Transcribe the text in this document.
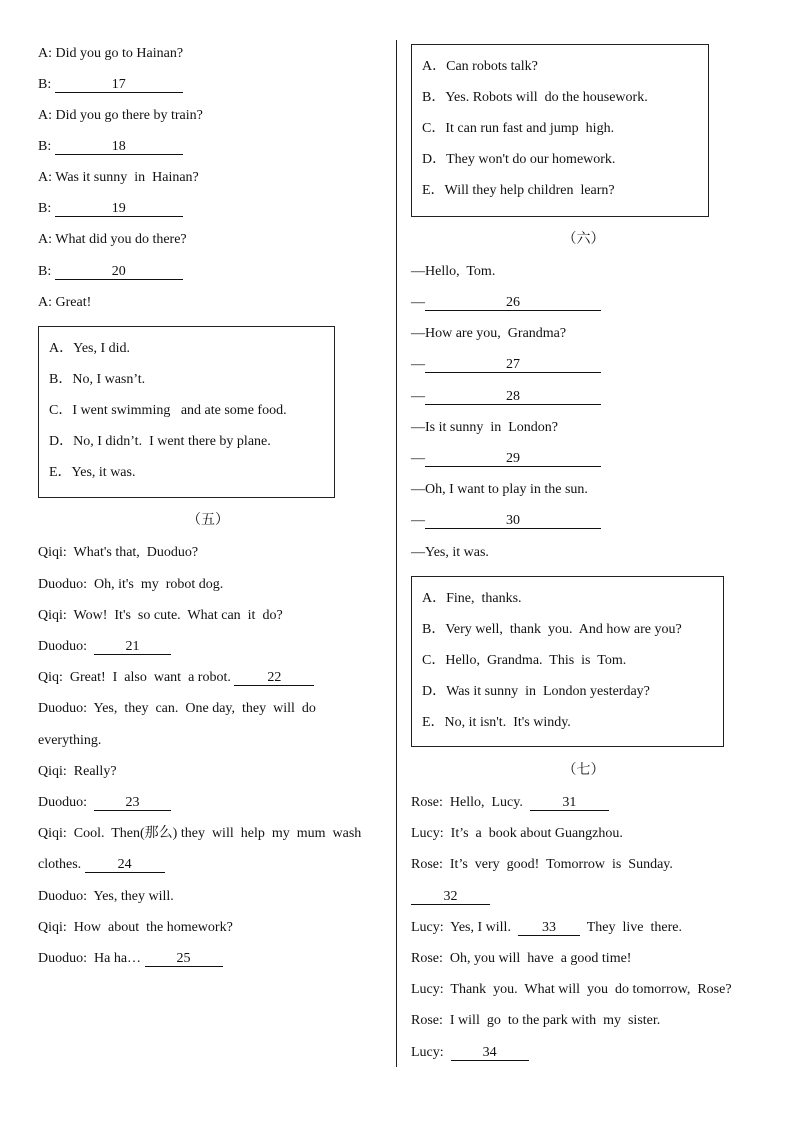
A: Did you go to Hainan?
B:	17
A: Did you go there by train?
B:	18
A: Was it sunny  in  Hainan?
B:	19
A: What did you do there?
B:	20
A: Great!
A．Yes, I did.
B．No, I wasn’t.
C．I went swimming   and ate some food.
D．No, I didn’t.  I went there by plane.
E．Yes, it was.
（五）
Qiqi:  What's that,  Duoduo?
Duoduo:  Oh, it's  my  robot dog.
Qiqi:  Wow!  It's  so cute.  What can  it  do?
Duoduo:	21
Qiq:  Great!  I  also  want  a robot. 22
Duoduo:  Yes,  they  can.  One day,  they  will  do
everything.
Qiqi:  Really?
Duoduo:	23
Qiqi:  Cool.  Then(那么) they  will  help  my  mum  wash
clothes. 24
Duoduo:  Yes, they will.
Qiqi:  How  about  the homework?
Duoduo:  Ha ha… 25
A．Can robots talk?
B．Yes. Robots will  do the housework.
C．It can run fast and jump  high.
D．They won't do our homework.
E．Will they help children  learn?
（六）
—Hello,  Tom.
—	26
—How are you,  Grandma?
—	27
—	28
—Is it sunny  in  London?
—	29
—Oh, I want to play in the sun.
—	30
—Yes, it was.
A．Fine,  thanks.
B．Very well,  thank  you.  And how are you?
C．Hello,  Grandma.  This  is  Tom.
D．Was it sunny  in  London yesterday?
E．No, it isn't.  It's windy.
（七）
Rose:  Hello,  Lucy.  31
Lucy:  It’s  a  book about Guangzhou.
Rose:  It’s  very  good!  Tomorrow  is  Sunday.
32
Lucy:  Yes, I will.  33  They  live  there.
Rose:  Oh, you will  have  a good time!
Lucy:  Thank  you.  What will  you  do tomorrow,  Rose?
Rose:  I will  go  to the park with  my  sister.
Lucy:  34
